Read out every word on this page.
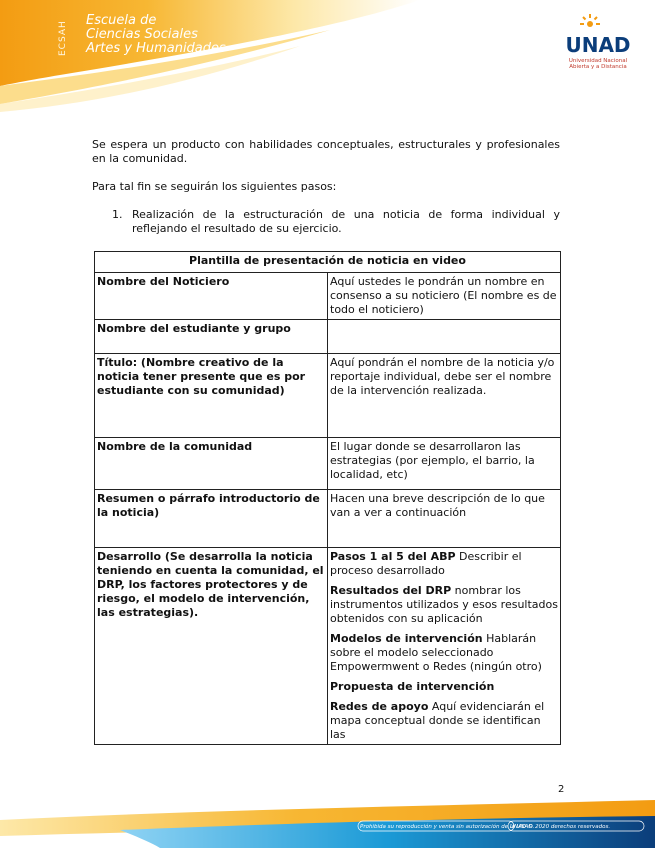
ECSAH	Escuela de
Ciencias Sociales
Artes y Humanidades	UNAD
Universidad Nacional
Abierta y a Distancia

Se espera un producto con habilidades conceptuales, estructurales y profesionales en la comunidad.

Para tal fin se seguirán los siguientes pasos:

1. Realización de la estructuración de una noticia de forma individual y reflejando el resultado de su ejercicio.
Plantilla de presentación de noticia en video	
Nombre del Noticiero	Aquí ustedes le pondrán un nombre en consenso a su noticiero (El nombre es de todo el noticiero)
Nombre del estudiante y grupo	
Título: (Nombre creativo de la noticia tener presente que es por estudiante con su comunidad)	Aquí pondrán el nombre de la noticia y/o reportaje individual, debe ser el nombre de la intervención realizada.
Nombre de la comunidad	El lugar donde se desarrollaron las estrategias (por ejemplo, el barrio, la localidad, etc)
Resumen o párrafo introductorio de la noticia)	Hacen una breve descripción de lo que van a ver a continuación
Desarrollo (Se desarrolla la noticia teniendo en cuenta la comunidad, el DRP, los factores protectores y de riesgo, el modelo de intervención, las estrategias).	Pasos 1 al 5 del ABP Describir el proceso desarrollado
Resultados del DRP nombrar los instrumentos utilizados y esos resultados obtenidos con su aplicación
Modelos de intervención Hablarán sobre el modelo seleccionado Empowermwent o Redes (ningún otro)
Propuesta de intervención
Redes de apoyo Aquí evidenciarán el mapa conceptual donde se identifican las
2
Prohibida su reproducción y venta sin autorización de la UNAD.
UNAD © 2020 derechos reservados.
